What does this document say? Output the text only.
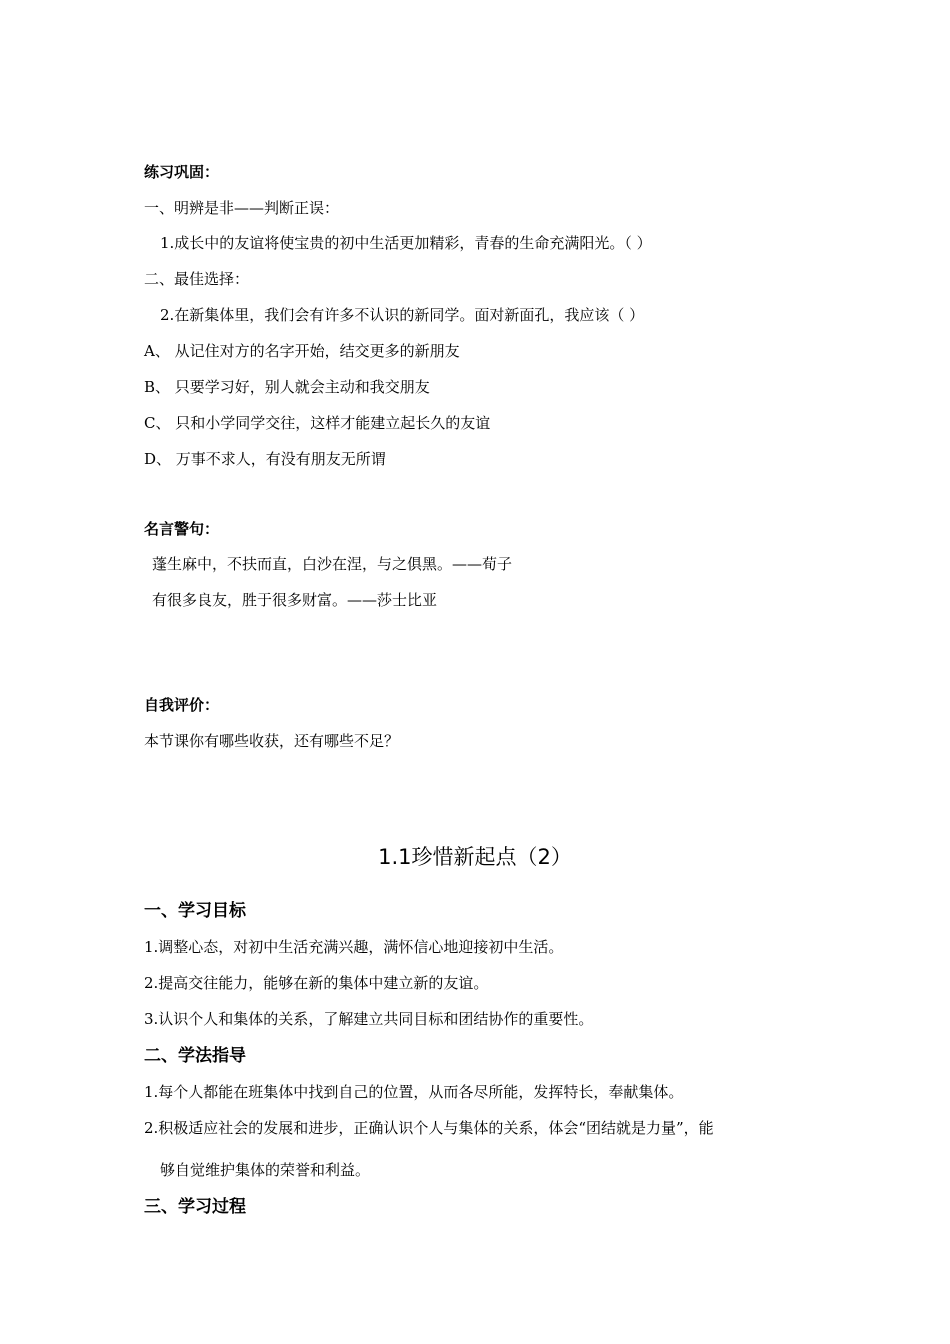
练习巩固：
一、明辨是非——判断正误：
1.成长中的友谊将使宝贵的初中生活更加精彩，青春的生命充满阳光。（ ）
二、最佳选择：
2.在新集体里，我们会有许多不认识的新同学。面对新面孔，我应该（ ）
A、 从记住对方的名字开始，结交更多的新朋友
B、 只要学习好，别人就会主动和我交朋友
C、 只和小学同学交往，这样才能建立起长久的友谊
D、 万事不求人，有没有朋友无所谓
名言警句：
蓬生麻中，不扶而直，白沙在涅，与之俱黑。——荀子
有很多良友，胜于很多财富。——莎士比亚
自我评价：
本节课你有哪些收获，还有哪些不足？
1.1珍惜新起点（2）
一、学习目标
1.调整心态，对初中生活充满兴趣，满怀信心地迎接初中生活。
2.提高交往能力，能够在新的集体中建立新的友谊。
3.认识个人和集体的关系，了解建立共同目标和团结协作的重要性。
二、学法指导
1.每个人都能在班集体中找到自己的位置，从而各尽所能，发挥特长，奉献集体。
2.积极适应社会的发展和进步，正确认识个人与集体的关系，体会“团结就是力量”，能
够自觉维护集体的荣誉和利益。
三、学习过程
